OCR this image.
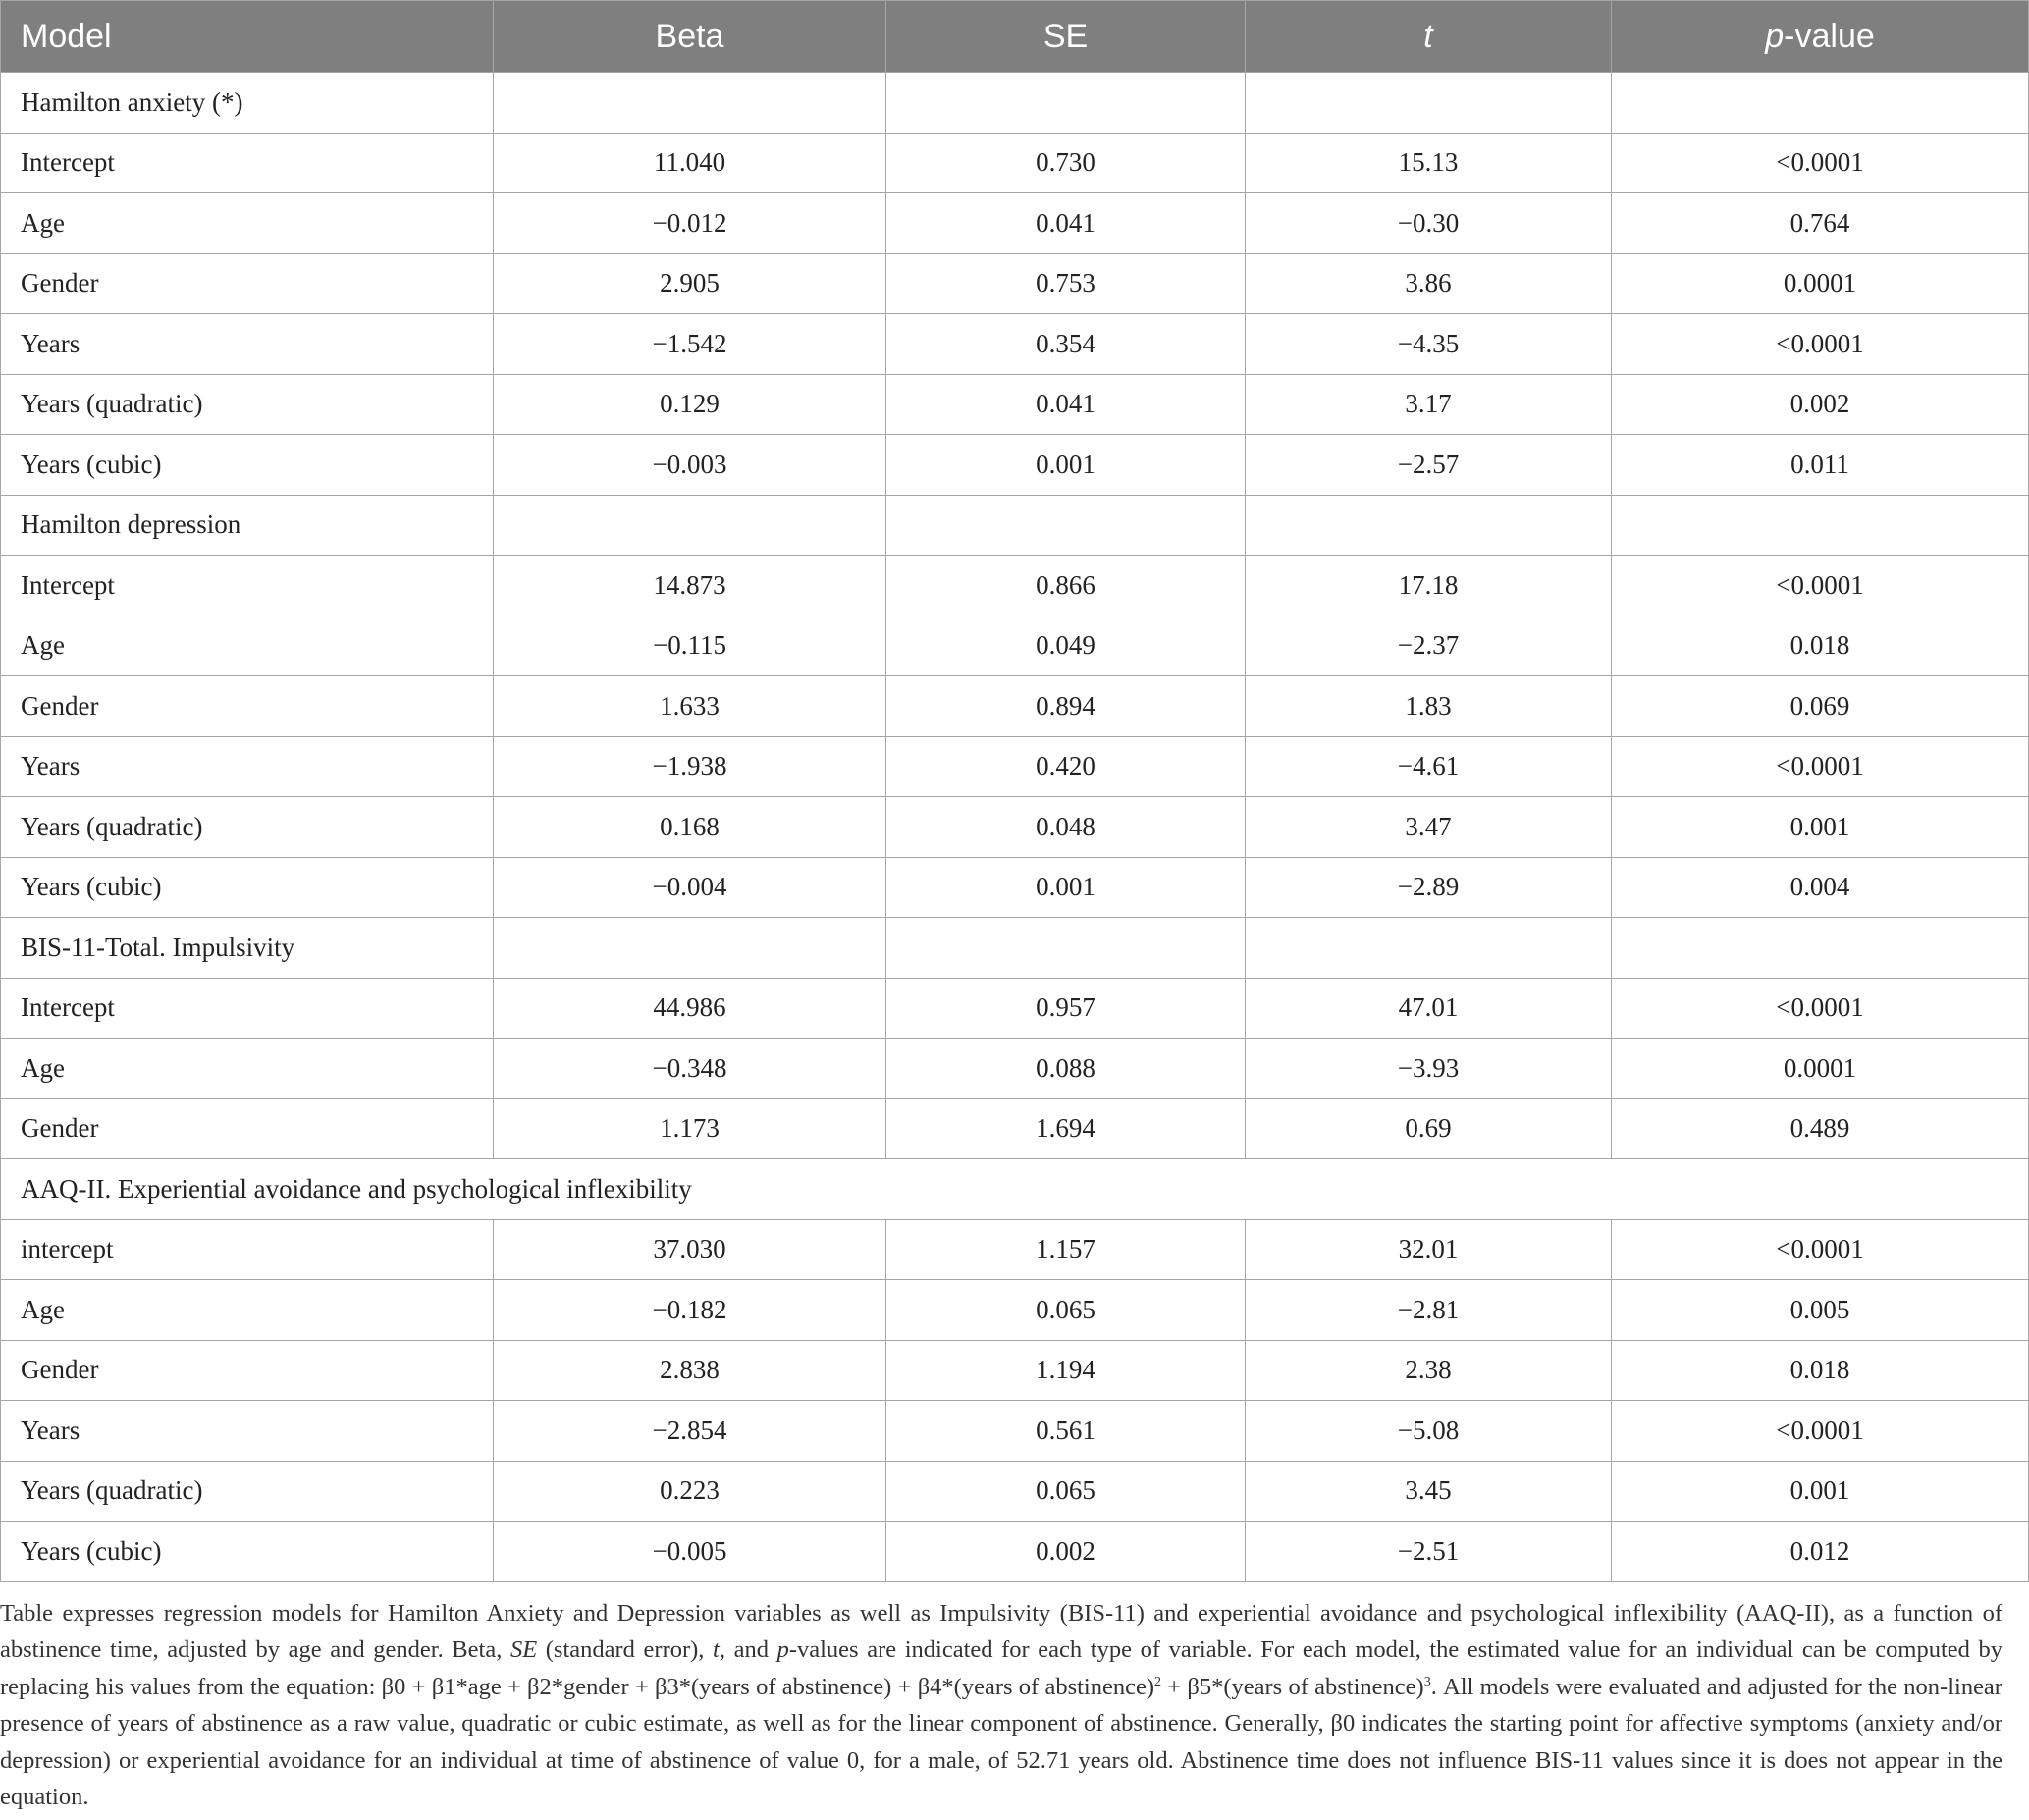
Model	Beta	SE	t	p-value
Hamilton anxiety (*)				
Intercept	11.040	0.730	15.13	<0.0001
Age	−0.012	0.041	−0.30	0.764
Gender	2.905	0.753	3.86	0.0001
Years	−1.542	0.354	−4.35	<0.0001
Years (quadratic)	0.129	0.041	3.17	0.002
Years (cubic)	−0.003	0.001	−2.57	0.011
Hamilton depression				
Intercept	14.873	0.866	17.18	<0.0001
Age	−0.115	0.049	−2.37	0.018
Gender	1.633	0.894	1.83	0.069
Years	−1.938	0.420	−4.61	<0.0001
Years (quadratic)	0.168	0.048	3.47	0.001
Years (cubic)	−0.004	0.001	−2.89	0.004
BIS-11-Total. Impulsivity				
Intercept	44.986	0.957	47.01	<0.0001
Age	−0.348	0.088	−3.93	0.0001
Gender	1.173	1.694	0.69	0.489
AAQ-II. Experiential avoidance and psychological inflexibility				
intercept	37.030	1.157	32.01	<0.0001
Age	−0.182	0.065	−2.81	0.005
Gender	2.838	1.194	2.38	0.018
Years	−2.854	0.561	−5.08	<0.0001
Years (quadratic)	0.223	0.065	3.45	0.001
Years (cubic)	−0.005	0.002	−2.51	0.012
Table expresses regression models for Hamilton Anxiety and Depression variables as well as Impulsivity (BIS-11) and experiential avoidance and psychological inflexibility (AAQ-II), as a function of abstinence time, adjusted by age and gender. Beta, SE (standard error), t, and p-values are indicated for each type of variable. For each model, the estimated value for an individual can be computed by replacing his values from the equation: β0 + β1*age + β2*gender + β3*(years of abstinence) + β4*(years of abstinence)$^2$ + β5*(years of abstinence)$^3$. All models were evaluated and adjusted for the non-linear presence of years of abstinence as a raw value, quadratic or cubic estimate, as well as for the linear component of abstinence. Generally, β0 indicates the starting point for affective symptoms (anxiety and/or depression) or experiential avoidance for an individual at time of abstinence of value 0, for a male, of 52.71 years old. Abstinence time does not influence BIS-11 values since it is does not appear in the equation.
